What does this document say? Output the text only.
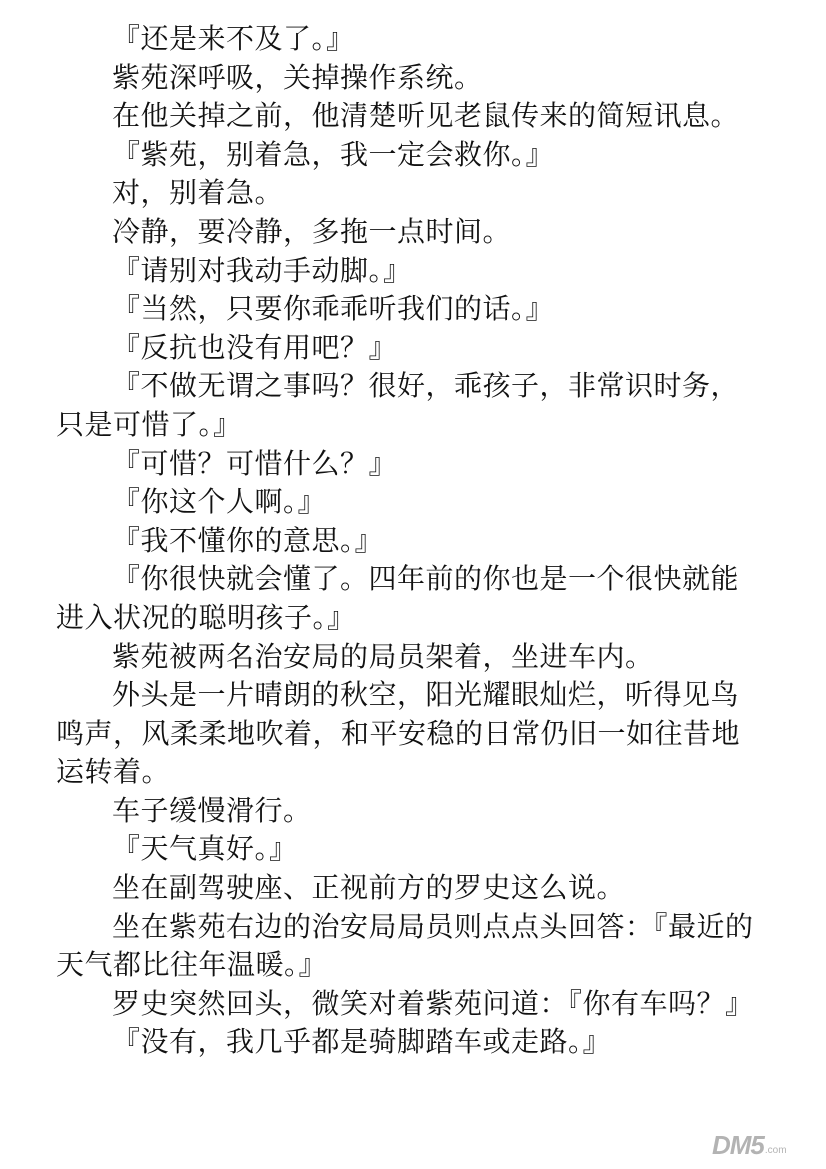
『还是来不及了。』

紫苑深呼吸，关掉操作系统。

在他关掉之前，他清楚听见老鼠传来的简短讯息。

『紫苑，别着急，我一定会救你。』

对，别着急。

冷静，要冷静，多拖一点时间。

『请别对我动手动脚。』

『当然，只要你乖乖听我们的话。』

『反抗也没有用吧？』

『不做无谓之事吗？很好，乖孩子，非常识时务，只是可惜了。』

『可惜？可惜什么？』

『你这个人啊。』

『我不懂你的意思。』

『你很快就会懂了。四年前的你也是一个很快就能进入状况的聪明孩子。』

紫苑被两名治安局的局员架着，坐进车内。

外头是一片晴朗的秋空，阳光耀眼灿烂，听得见鸟鸣声，风柔柔地吹着，和平安稳的日常仍旧一如往昔地运转着。

车子缓慢滑行。

『天气真好。』

坐在副驾驶座、正视前方的罗史这么说。

坐在紫苑右边的治安局局员则点点头回答：『最近的天气都比往年温暖。』

罗史突然回头，微笑对着紫苑问道：『你有车吗？』

『没有，我几乎都是骑脚踏车或走路。』

DM5 .com
